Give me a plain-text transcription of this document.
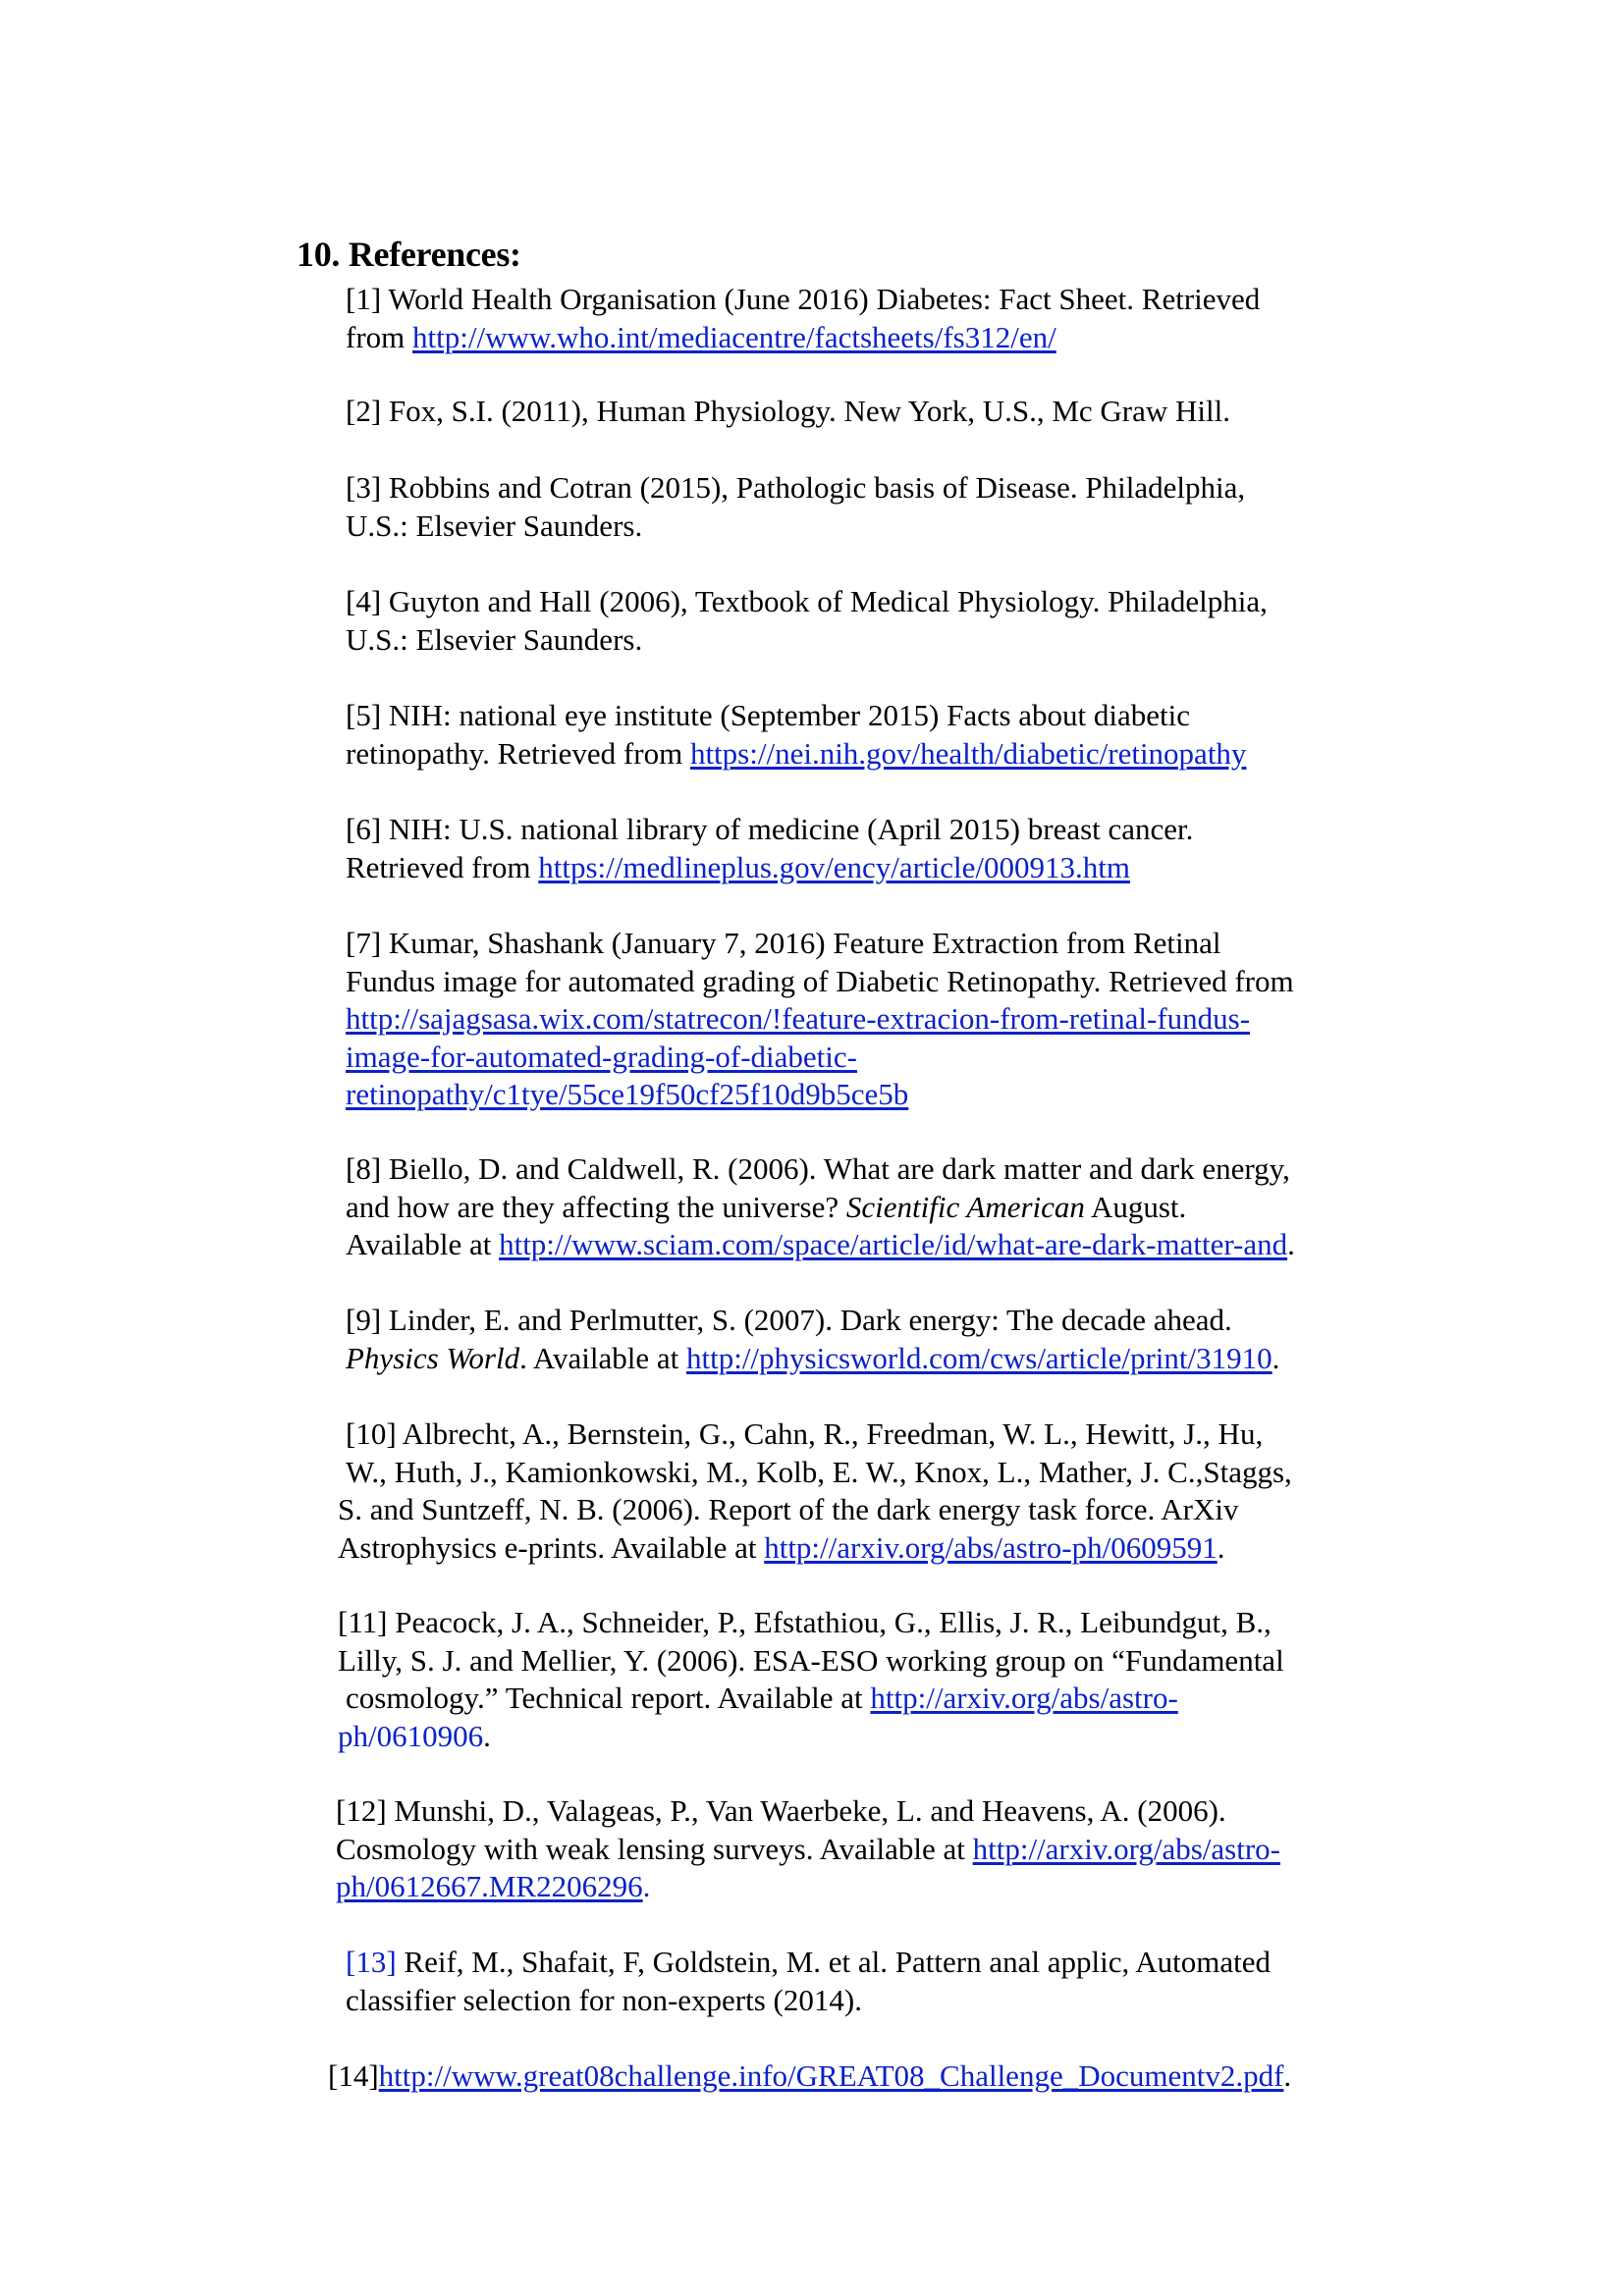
10. References:
[1] World Health Organisation (June 2016) Diabetes: Fact Sheet. Retrieved
from http://www.who.int/mediacentre/factsheets/fs312/en/
[2] Fox, S.I. (2011), Human Physiology. New York, U.S., Mc Graw Hill.
[3] Robbins and Cotran (2015), Pathologic basis of Disease. Philadelphia,
U.S.: Elsevier Saunders.
[4] Guyton and Hall (2006), Textbook of Medical Physiology. Philadelphia,
U.S.: Elsevier Saunders.
[5] NIH: national eye institute (September 2015) Facts about diabetic
retinopathy. Retrieved from https://nei.nih.gov/health/diabetic/retinopathy
[6] NIH: U.S. national library of medicine (April 2015) breast cancer.
Retrieved from https://medlineplus.gov/ency/article/000913.htm
[7] Kumar, Shashank (January 7, 2016) Feature Extraction from Retinal
Fundus image for automated grading of Diabetic Retinopathy. Retrieved from
http://sajagsasa.wix.com/statrecon/!feature-extracion-from-retinal-fundus-
image-for-automated-grading-of-diabetic-
retinopathy/c1tye/55ce19f50cf25f10d9b5ce5b
[8] Biello, D. and Caldwell, R. (2006). What are dark matter and dark energy,
and how are they affecting the universe? Scientific American August.
Available at http://www.sciam.com/space/article/id/what-are-dark-matter-and.
[9] Linder, E. and Perlmutter, S. (2007). Dark energy: The decade ahead.
Physics World. Available at http://physicsworld.com/cws/article/print/31910.
[10] Albrecht, A., Bernstein, G., Cahn, R., Freedman, W. L., Hewitt, J., Hu,
W., Huth, J., Kamionkowski, M., Kolb, E. W., Knox, L., Mather, J. C.,Staggs,
S. and Suntzeff, N. B. (2006). Report of the dark energy task force. ArXiv
Astrophysics e-prints. Available at http://arxiv.org/abs/astro-ph/0609591.
[11] Peacock, J. A., Schneider, P., Efstathiou, G., Ellis, J. R., Leibundgut, B.,
Lilly, S. J. and Mellier, Y. (2006). ESA-ESO working group on “Fundamental
cosmology.” Technical report. Available at http://arxiv.org/abs/astro-
ph/0610906.
[12] Munshi, D., Valageas, P., Van Waerbeke, L. and Heavens, A. (2006).
Cosmology with weak lensing surveys. Available at http://arxiv.org/abs/astro-
ph/0612667.MR2206296.
[13] Reif, M., Shafait, F, Goldstein, M. et al. Pattern anal applic, Automated
classifier selection for non-experts (2014).
[14]http://www.great08challenge.info/GREAT08_Challenge_Documentv2.pdf.
